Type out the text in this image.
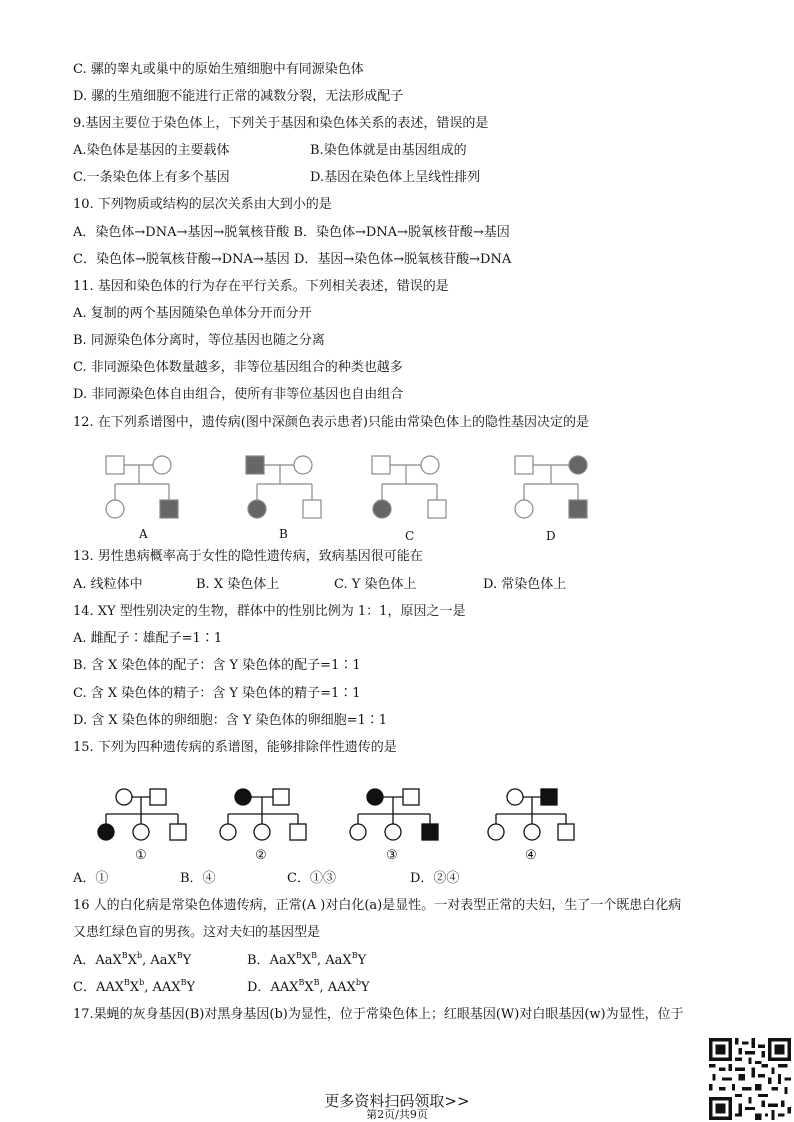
C. 骡的睾丸或巢中的原始生殖细胞中有同源染色体
D. 骡的生殖细胞不能进行正常的减数分裂，无法形成配子
9.基因主要位于染色体上，下列关于基因和染色体关系的表述，错误的是
A.染色体是基因的主要载体	B.染色体就是由基因组成的
C.一条染色体上有多个基因	D.基因在染色体上呈线性排列
10. 下列物质或结构的层次关系由大到小的是
A．染色体→DNA→基因→脱氧核苷酸 B．染色体→DNA→脱氧核苷酸→基因
C．染色体→脱氧核苷酸→DNA→基因 D．基因→染色体→脱氧核苷酸→DNA
11. 基因和染色体的行为存在平行关系。下列相关表述，错误的是
A. 复制的两个基因随染色单体分开而分开
B. 同源染色体分离时，等位基因也随之分离
C. 非同源染色体数量越多，非等位基因组合的种类也越多
D. 非同源染色体自由组合，使所有非等位基因也自由组合
12. 在下列系谱图中，遗传病(图中深颜色表示患者)只能由常染色体上的隐性基因决定的是
A	B	C	D
13. 男性患病概率高于女性的隐性遗传病，致病基因很可能在
A. 线粒体中	B. X 染色体上	C. Y 染色体上	D. 常染色体上
14. XY 型性别决定的生物，群体中的性别比例为 1：1，原因之一是
A. 雌配子∶雄配子=1∶1
B. 含 X 染色体的配子：含 Y 染色体的配子=1∶1
C. 含 X 染色体的精子：含 Y 染色体的精子=1∶1
D. 含 X 染色体的卵细胞：含 Y 染色体的卵细胞=1∶1
15. 下列为四种遗传病的系谱图，能够排除伴性遗传的是
①	②	③	④
A．①	B．④	C．①③	D．②④
16 人的白化病是常染色体遗传病，正常(A )对白化(a)是显性。一对表型正常的夫妇，生了一个既患白化病
又患红绿色盲的男孩。这对夫妇的基因型是
A．$AaX^BX^b$, AaX$^B$Y	B．$AaX^BX^B$, AaX$^B$Y
C．$AAX^BX^b$, $AAX^BY$	D．$AAX^BX^B$, AAX$^b$Y
17.果蝇的灰身基因(B)对黑身基因(b)为显性，位于常染色体上；红眼基因(W)对白眼基因(w)为显性，位于
更多资料扫码领取>>
第2页/共9页
